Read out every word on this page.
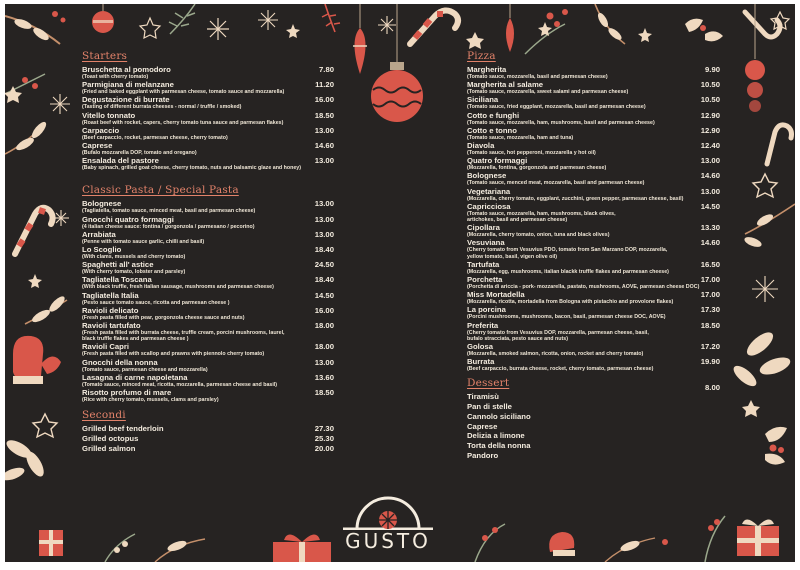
Starters
Bruschetta al pomodoro	7.80
(Toast with cherry tomato)
Parmigiana di melanzane	11.20
(Fried and baked eggplant with parmesan cheese, tomato sauce and mozzarella)
Degustazione di burrate	16.00
(Tasting of different burrata cheeses - normal / truffle / smoked)
Vitello tonnato	18.50
(Roast beef with rocket, capers, cherry tomato tuna sauce and parmesan flakes)
Carpaccio	13.00
(Beef carpaccio, rocket, parmesan cheese, cherry tomato)
Caprese	14.60
(Bufalo mozzarella DOP, tomato and oregano)
Ensalada del pastore	13.00
(Baby spinach, grilled goat cheese, cherry tomato, nuts and balsamic glaze and honey)
Classic Pasta / Special Pasta
Bolognese	13.00
(Tagliatella, tomato sauce, minced meat, basil and parmesan cheese)
Gnocchi quatro formaggi	13.00
(4 italian cheese sauce: fontina / gorgonzola / parmesano / pecorino)
Arrabiata	13.00
(Penne with tomato sauce garlic, chilli and basil)
Lo Scoglio	18.40
(With clams, mussels and cherry tomato)
Spaghetti all' astice	24.50
(With cherry tomato, lobster and parsley)
Tagliatella Toscana	18.40
(With black truffle, fresh italian sausage, mushrooms and parmesan cheese)
Tagliatella Italia	14.50
(Pesto sauce tomato sauce, ricotta and parmesan cheese )
Ravioli delicato	16.00
(Fresh pasta filled with pear, gorgonzola cheese sauce and nuts)
Ravioli tartufato	18.00
(Fresh pasta filled with burrata cheese, truffle cream, porcini mushrooms, laurel,
black truffle flakes and parmesan cheese )
Ravioli Capri	18.00
(Fresh pasta filled with scallop and prawns with piennolo cherry tomato)
Gnocchi della nonna	13.00
(Tomato sauce, parmesan cheese and mozzarella)
Lasagna di carne napoletana	13.60
(Tomato sauce, minced meat, ricotta, mozzarella, parmesan cheese and basil)
Risotto profumo di mare	18.50
(Rice with cherry tomato, mussels, clams and parsley)
Secondi
Grilled beef tenderloin	27.30
Grilled octopus	25.30
Grilled salmon	20.00
Pizza
Margherita	9.90
(Tomato sauce, mozzarella, basil and parmesan cheese)
Margherita al salame	10.50
(Tomato sauce, mozzarella, sweet salami and parmesan cheese)
Siciliana	10.50
(Tomato sauce, fried eggplant, mozzarella, basil and parmesan cheese)
Cotto e funghi	12.90
(Tomato sauce, mozzarella, ham, mushrooms, basil and parmesan cheese)
Cotto e tonno	12.90
(Tomato sauce, mozzarella, ham and tuna)
Diavola	12.40
(Tomato sauce, hot pepperoni, mozzarella y hot oil)
Quatro formaggi	13.00
(Mozzarella, fontina, gorgonzola and parmesan cheese)
Bolognese	14.60
(Tomato sauce, menced meat, mozzarella, basil and parmesan cheese)
Vegetariana	13.00
(Mozzarella, cherry tomato, eggplant, zucchini, green pepper, parmesan cheese, basil)
Capricciosa	14.50
(Tomato sauce, mozzarella, ham, mushrooms, black olives,
artichokes, basil and parmesan cheese)
Cipollara	13.30
(Mozzarella, cherry tomato, onion, tuna and black olives)
Vesuviana	14.60
(Cherry tomato from Vesuvius PDO, tomato from San Marzano DOP, mozzarella,
yellow tomato, basil, vigen olive oil)
Tartufata	16.50
(Mozzarella, egg, mushrooms, italian blackk truffle flakes and parmesan cheese)
Porchetta	17.00
(Porchetta di ariccia - pork- mozzarella, pastato, mushrooms, AOVE, parmesan cheese DOC)
Miss Mortadella	17.00
(Mozzarella, ricotta, mortadella from Bologna with pistachio and provolone flakes)
La porcina	17.30
(Porcini mushrooms, mushrooms, bacon, basil, parmesan cheese DOC, AOVE)
Preferita	18.50
(Cherry tomato from Vesuvius DOP, mozzarella, parmesan cheese, basil,
bufalo stracciata, pesto sauce and nuts)
Golosa	17.20
(Mozzarella, smoked salmon, ricotta, onion, rocket and cherry tomato)
Burrata	19.90
(Beef carpaccio, burrata cheese, rocket, cherry tomato, parmesan cheese)
Dessert	8.00
Tiramisù
Pan di stelle
Cannolo siciliano
Caprese
Delizia a limone
Torta della nonna
Pandoro
GUSTO
